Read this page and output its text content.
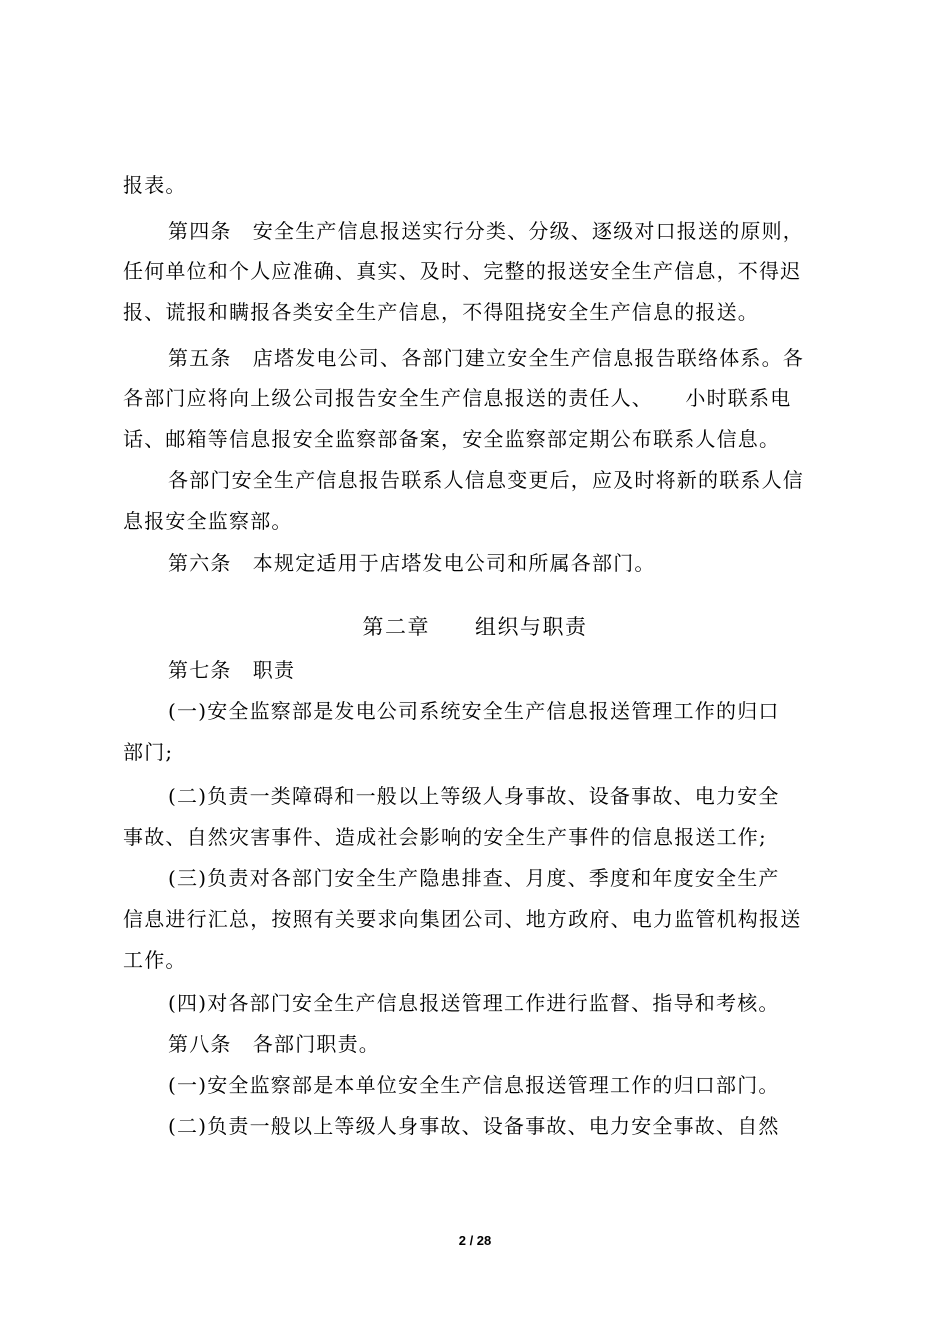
报表。
第四条　安全生产信息报送实行分类、分级、逐级对口报送的原则，
任何单位和个人应准确、真实、及时、完整的报送安全生产信息，不得迟
报、谎报和瞒报各类安全生产信息，不得阻挠安全生产信息的报送。
第五条　店塔发电公司、各部门建立安全生产信息报告联络体系。各
各部门应将向上级公司报告安全生产信息报送的责任人、　　小时联系电
话、邮箱等信息报安全监察部备案，安全监察部定期公布联系人信息。
各部门安全生产信息报告联系人信息变更后，应及时将新的联系人信
息报安全监察部。
第六条　本规定适用于店塔发电公司和所属各部门。
第二章　　组织与职责
第七条　职责
(一)安全监察部是发电公司系统安全生产信息报送管理工作的归口
部门;
(二)负责一类障碍和一般以上等级人身事故、设备事故、电力安全
事故、自然灾害事件、造成社会影响的安全生产事件的信息报送工作;
(三)负责对各部门安全生产隐患排查、月度、季度和年度安全生产
信息进行汇总，按照有关要求向集团公司、地方政府、电力监管机构报送
工作。
(四)对各部门安全生产信息报送管理工作进行监督、指导和考核。
第八条　各部门职责。
(一)安全监察部是本单位安全生产信息报送管理工作的归口部门。
(二)负责一般以上等级人身事故、设备事故、电力安全事故、自然
2 / 28
